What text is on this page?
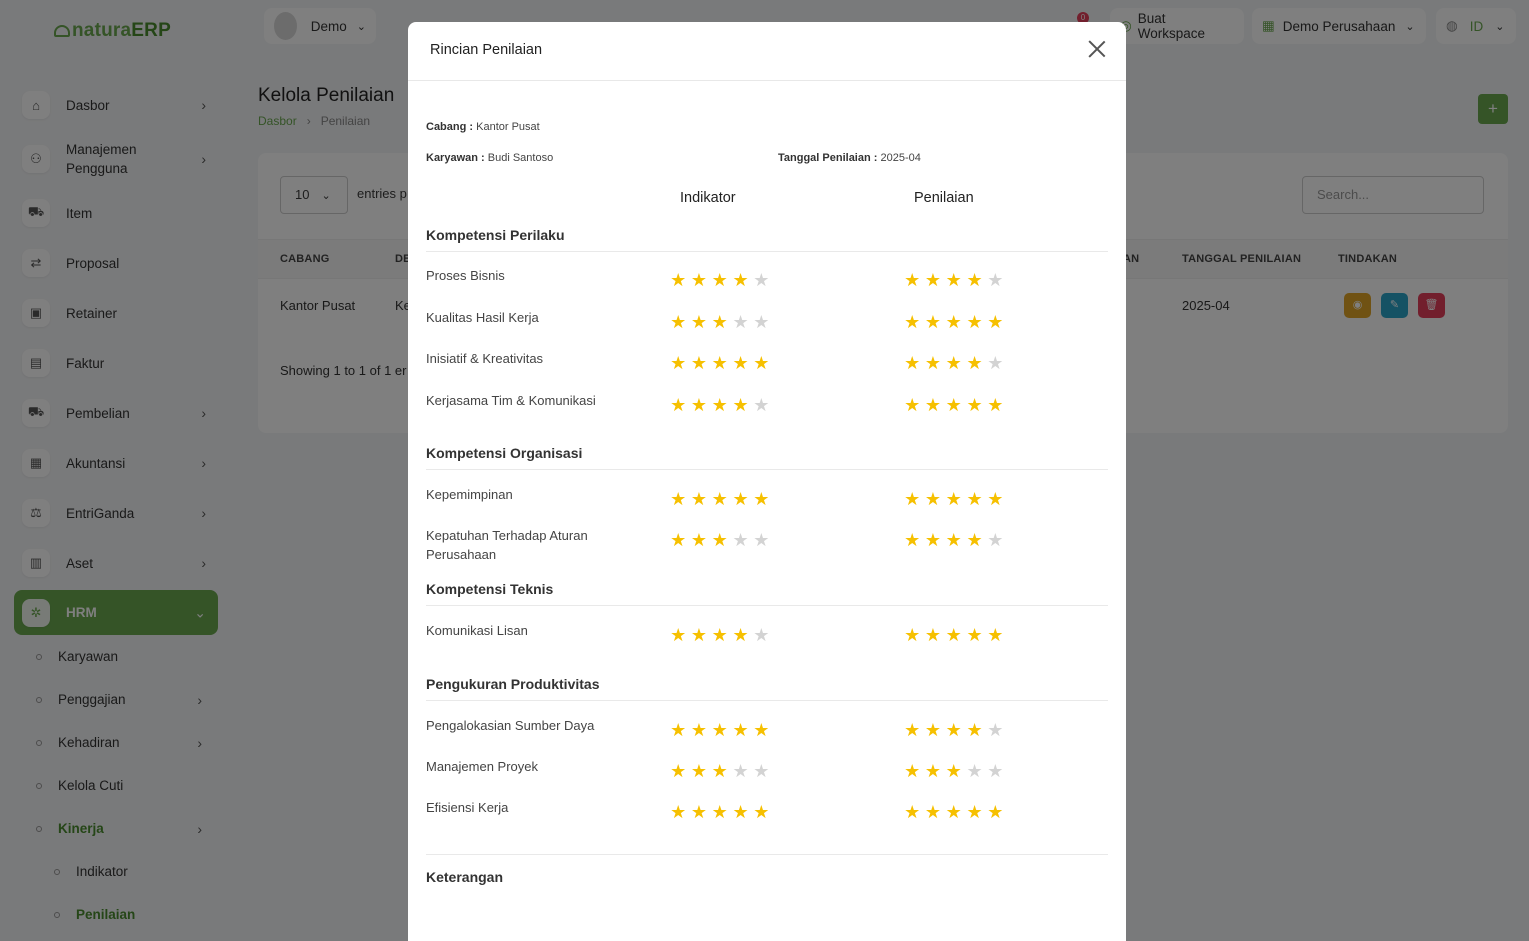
Rincian Penilaian
Cabang : Kantor Pusat
Karyawan : Budi Santoso	Tanggal Penilaian : 2025-04
Indikator	Penilaian
Kompetensi Perilaku
Proses Bisnis	★ ★ ★ ★ ★	★ ★ ★ ★ ★
Kualitas Hasil Kerja	★ ★ ★ ★ ★	★ ★ ★ ★ ★
Inisiatif & Kreativitas	★ ★ ★ ★ ★	★ ★ ★ ★ ★
Kerjasama Tim & Komunikasi	★ ★ ★ ★ ★	★ ★ ★ ★ ★
Kompetensi Organisasi
Kepemimpinan	★ ★ ★ ★ ★	★ ★ ★ ★ ★
Kepatuhan Terhadap Aturan Perusahaan
★ ★ ★ ★ ★	★ ★ ★ ★ ★
Kompetensi Teknis
Komunikasi Lisan	★ ★ ★ ★ ★	★ ★ ★ ★ ★
Pengukuran Produktivitas
Pengalokasian Sumber Daya	★ ★ ★ ★ ★	★ ★ ★ ★ ★
Manajemen Proyek	★ ★ ★ ★ ★	★ ★ ★ ★ ★
Efisiensi Kerja	★ ★ ★ ★ ★	★ ★ ★ ★ ★
Keterangan
